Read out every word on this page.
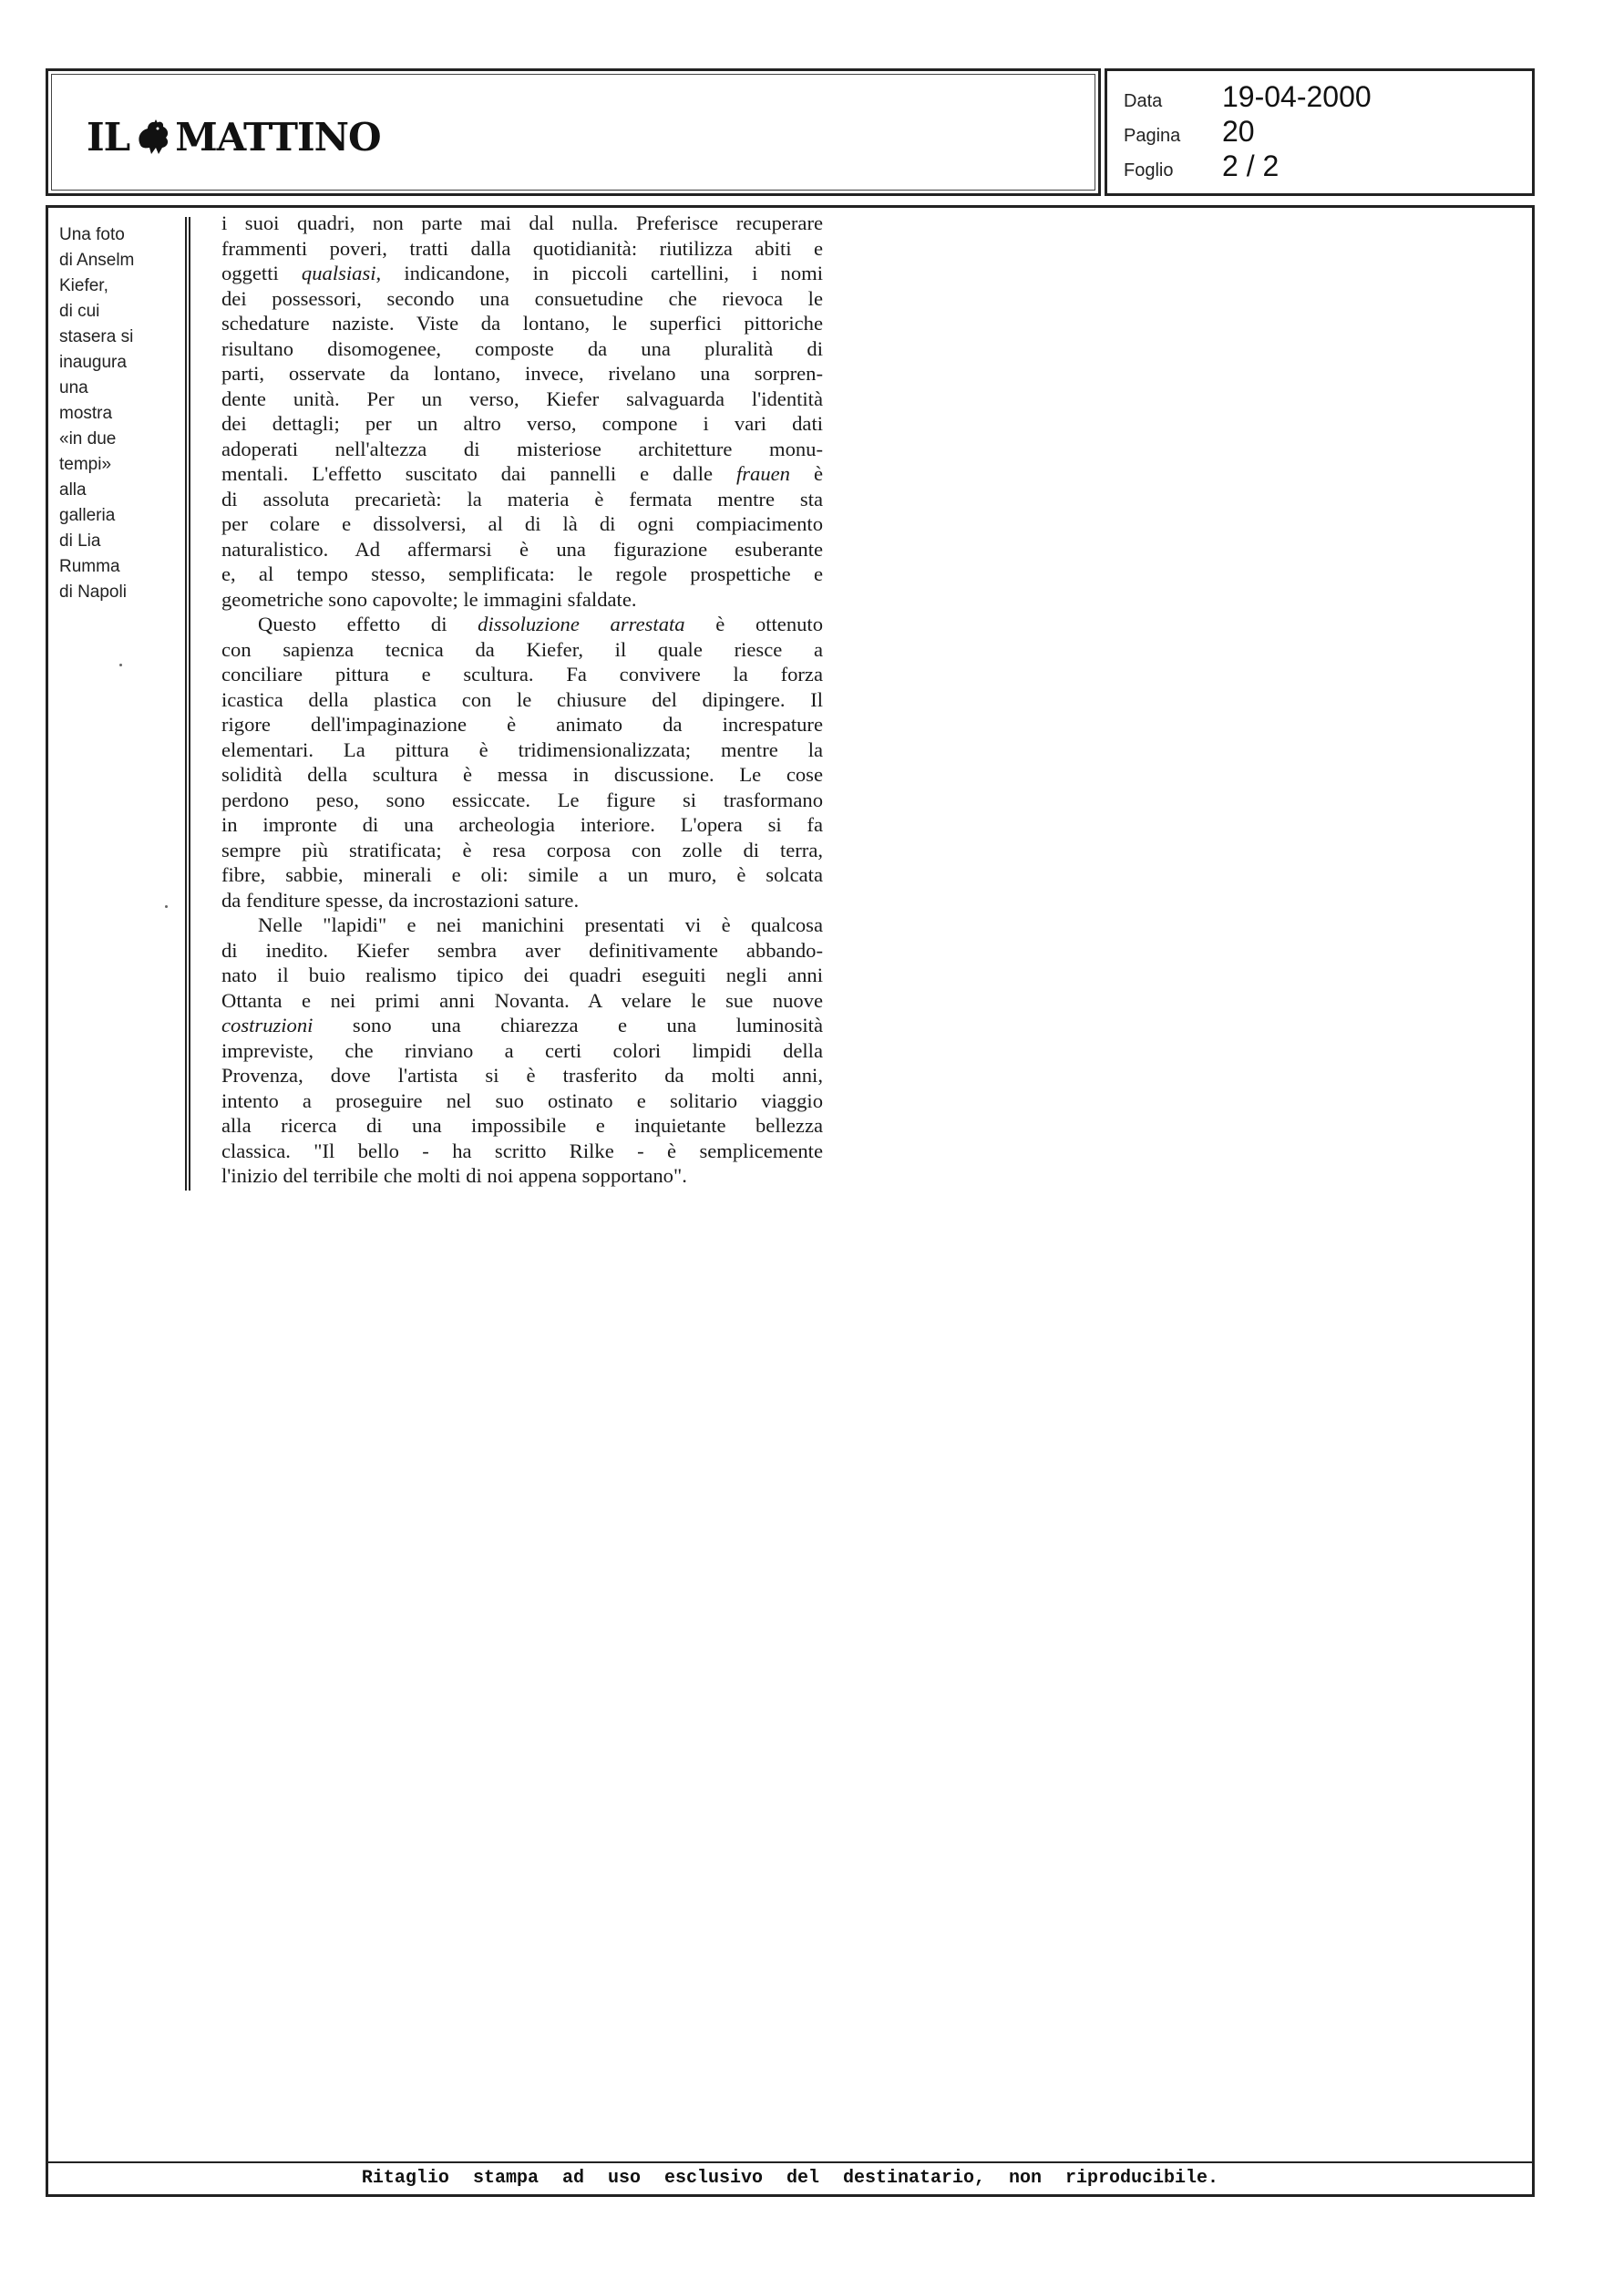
IL MATTINO
Data	19-04-2000
Pagina	20
Foglio	2 / 2
Una foto
di Anselm
Kiefer,
di cui
stasera si
inaugura
una
mostra
«in due
tempi»
alla
galleria
di Lia
Rumma
di Napoli
i suoi quadri, non parte mai dal nulla. Preferisce recuperare
frammenti poveri, tratti dalla quotidianità: riutilizza abiti e
oggetti qualsiasi, indicandone, in piccoli cartellini, i nomi
dei possessori, secondo una consuetudine che rievoca le
schedature naziste. Viste da lontano, le superfici pittoriche
risultano disomogenee, composte da una pluralità di
parti, osservate da lontano, invece, rivelano una sorpren-
dente unità. Per un verso, Kiefer salvaguarda l'identità
dei dettagli; per un altro verso, compone i vari dati
adoperati nell'altezza di misteriose architetture monu-
mentali. L'effetto suscitato dai pannelli e dalle frauen è
di assoluta precarietà: la materia è fermata mentre sta
per colare e dissolversi, al di là di ogni compiacimento
naturalistico. Ad affermarsi è una figurazione esuberante
e, al tempo stesso, semplificata: le regole prospettiche e
geometriche sono capovolte; le immagini sfaldate.
Questo effetto di dissoluzione arrestata è ottenuto
con sapienza tecnica da Kiefer, il quale riesce a
conciliare pittura e scultura. Fa convivere la forza
icastica della plastica con le chiusure del dipingere. Il
rigore dell'impaginazione è animato da increspature
elementari. La pittura è tridimensionalizzata; mentre la
solidità della scultura è messa in discussione. Le cose
perdono peso, sono essiccate. Le figure si trasformano
in impronte di una archeologia interiore. L'opera si fa
sempre più stratificata; è resa corposa con zolle di terra,
fibre, sabbie, minerali e oli: simile a un muro, è solcata
da fenditure spesse, da incrostazioni sature.
Nelle "lapidi" e nei manichini presentati vi è qualcosa
di inedito. Kiefer sembra aver definitivamente abbando-
nato il buio realismo tipico dei quadri eseguiti negli anni
Ottanta e nei primi anni Novanta. A velare le sue nuove
costruzioni sono una chiarezza e una luminosità
impreviste, che rinviano a certi colori limpidi della
Provenza, dove l'artista si è trasferito da molti anni,
intento a proseguire nel suo ostinato e solitario viaggio
alla ricerca di una impossibile e inquietante bellezza
classica. "Il bello - ha scritto Rilke - è semplicemente
l'inizio del terribile che molti di noi appena sopportano".
Ritaglio stampa ad uso esclusivo del destinatario, non riproducibile.
